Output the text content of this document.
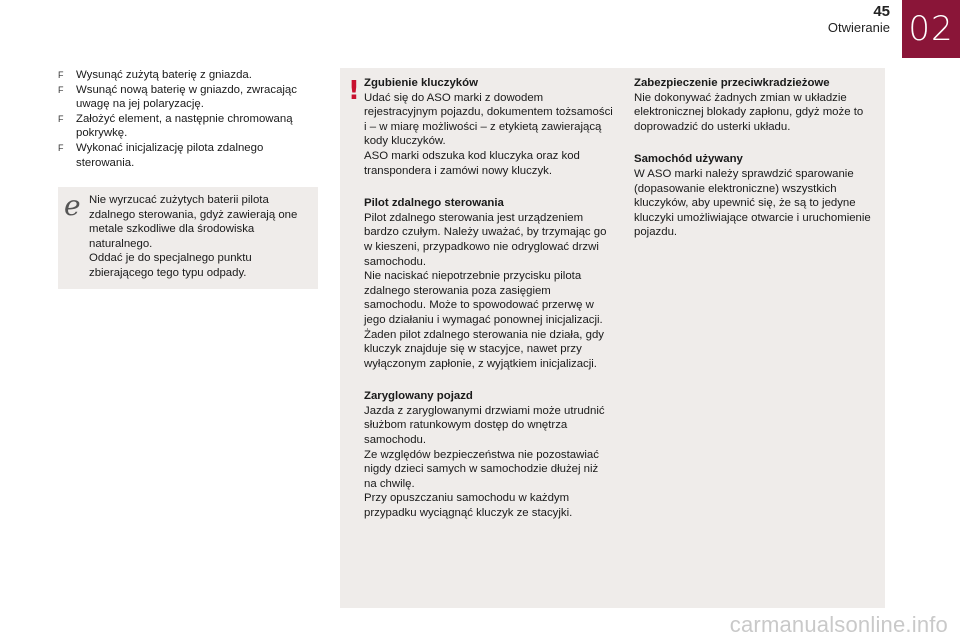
45
Otwieranie 02
F	Wysunąć zużytą baterię z gniazda.
F	Wsunąć nową baterię w gniazdo, zwracając uwagę na jej polaryzację.
F	Założyć element, a następnie chromowaną pokrywkę.
F	Wykonać inicjalizację pilota zdalnego sterowania.
e Nie wyrzucać zużytych baterii pilota zdalnego sterowania, gdyż zawierają one metale szkodliwe dla środowiska naturalnego.
Oddać je do specjalnego punktu zbierającego tego typu odpady.
! Zgubienie kluczyków

Udać się do ASO marki z dowodem rejestracyjnym pojazdu, dokumentem tożsamości i – w miarę możliwości – z etykietą zawierającą kody kluczyków.
ASO marki odszuka kod kluczyka oraz kod transpondera i zamówi nowy kluczyk.

Pilot zdalnego sterowania

Pilot zdalnego sterowania jest urządzeniem bardzo czułym. Należy uważać, by trzymając go w kieszeni, przypadkowo nie odryglować drzwi samochodu.
Nie naciskać niepotrzebnie przycisku pilota zdalnego sterowania poza zasięgiem samochodu. Może to spowodować przerwę w jego działaniu i wymagać ponownej inicjalizacji.
Żaden pilot zdalnego sterowania nie działa, gdy kluczyk znajduje się w stacyjce, nawet przy wyłączonym zapłonie, z wyjątkiem inicjalizacji.

Zaryglowany pojazd

Jazda z zaryglowanymi drzwiami może utrudnić służbom ratunkowym dostęp do wnętrza samochodu.
Ze względów bezpieczeństwa nie pozostawiać nigdy dzieci samych w samochodzie dłużej niż na chwilę.
Przy opuszczaniu samochodu w każdym przypadku wyciągnąć kluczyk ze stacyjki.

Zabezpieczenie przeciwkradzieżowe

Nie dokonywać żadnych zmian w układzie elektronicznej blokady zapłonu, gdyż może to doprowadzić do usterki układu.

Samochód używany

W ASO marki należy sprawdzić sparowanie (dopasowanie elektroniczne) wszystkich kluczyków, aby upewnić się, że są to jedyne kluczyki umożliwiające otwarcie i uruchomienie pojazdu.

carmanualsonline.info
